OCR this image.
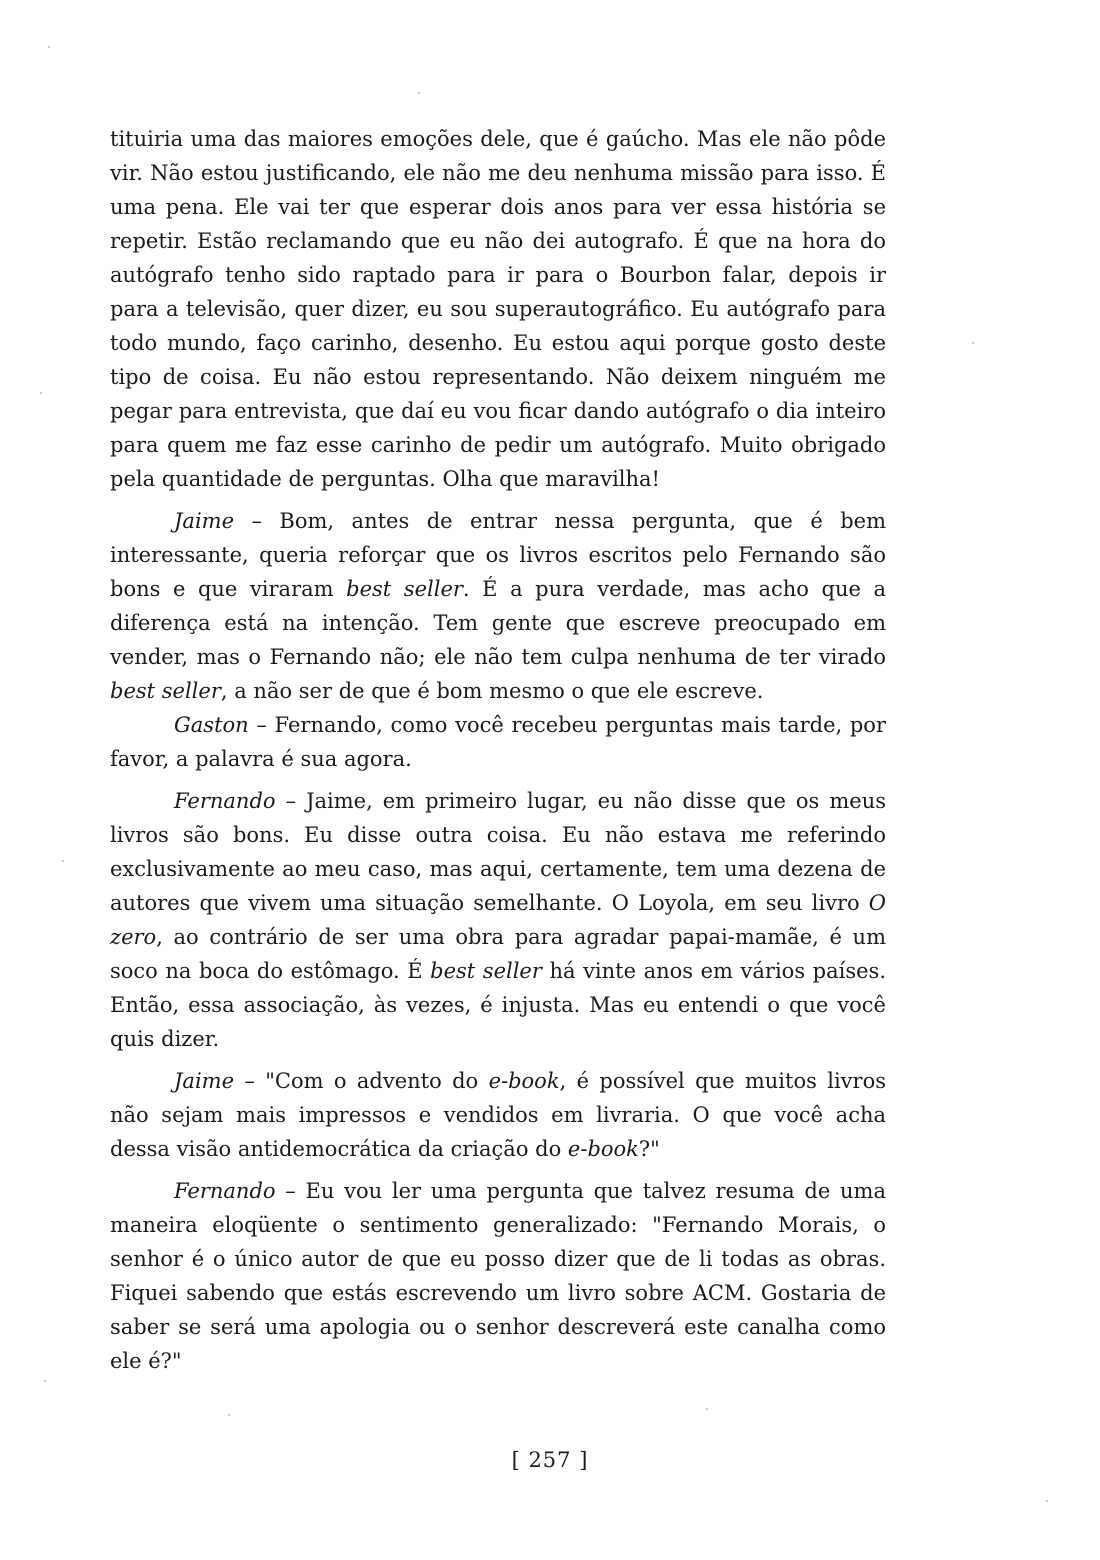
tituiria uma das maiores emoções dele, que é gaúcho. Mas ele não pôde vir. Não estou justificando, ele não me deu nenhuma missão para isso. É uma pena. Ele vai ter que esperar dois anos para ver essa história se repetir. Estão reclamando que eu não dei autografo. É que na hora do autógrafo tenho sido raptado para ir para o Bourbon falar, depois ir para a televisão, quer dizer, eu sou superautográfico. Eu autógrafo para todo mundo, faço carinho, desenho. Eu estou aqui porque gosto deste tipo de coisa. Eu não estou representando. Não deixem ninguém me pegar para entrevista, que daí eu vou ficar dando autógrafo o dia inteiro para quem me faz esse carinho de pedir um autógrafo. Muito obrigado pela quantidade de perguntas. Olha que maravilha!

Jaime – Bom, antes de entrar nessa pergunta, que é bem interessante, queria reforçar que os livros escritos pelo Fernando são bons e que viraram best seller. É a pura verdade, mas acho que a diferença está na intenção. Tem gente que escreve preocupado em vender, mas o Fernando não; ele não tem culpa nenhuma de ter virado best seller, a não ser de que é bom mesmo o que ele escreve.

Gaston – Fernando, como você recebeu perguntas mais tarde, por favor, a palavra é sua agora.

Fernando – Jaime, em primeiro lugar, eu não disse que os meus livros são bons. Eu disse outra coisa. Eu não estava me referindo exclusivamente ao meu caso, mas aqui, certamente, tem uma dezena de autores que vivem uma situação semelhante. O Loyola, em seu livro O zero, ao contrário de ser uma obra para agradar papai-mamãe, é um soco na boca do estômago. É best seller há vinte anos em vários países. Então, essa associação, às vezes, é injusta. Mas eu entendi o que você quis dizer.

Jaime – "Com o advento do e-book, é possível que muitos livros não sejam mais impressos e vendidos em livraria. O que você acha dessa visão antidemocrática da criação do e-book?"

Fernando – Eu vou ler uma pergunta que talvez resuma de uma maneira eloqüente o sentimento generalizado: "Fernando Morais, o senhor é o único autor de que eu posso dizer que de li todas as obras. Fiquei sabendo que estás escrevendo um livro sobre ACM. Gostaria de saber se será uma apologia ou o senhor descreverá este canalha como ele é?"

[ 257 ]
